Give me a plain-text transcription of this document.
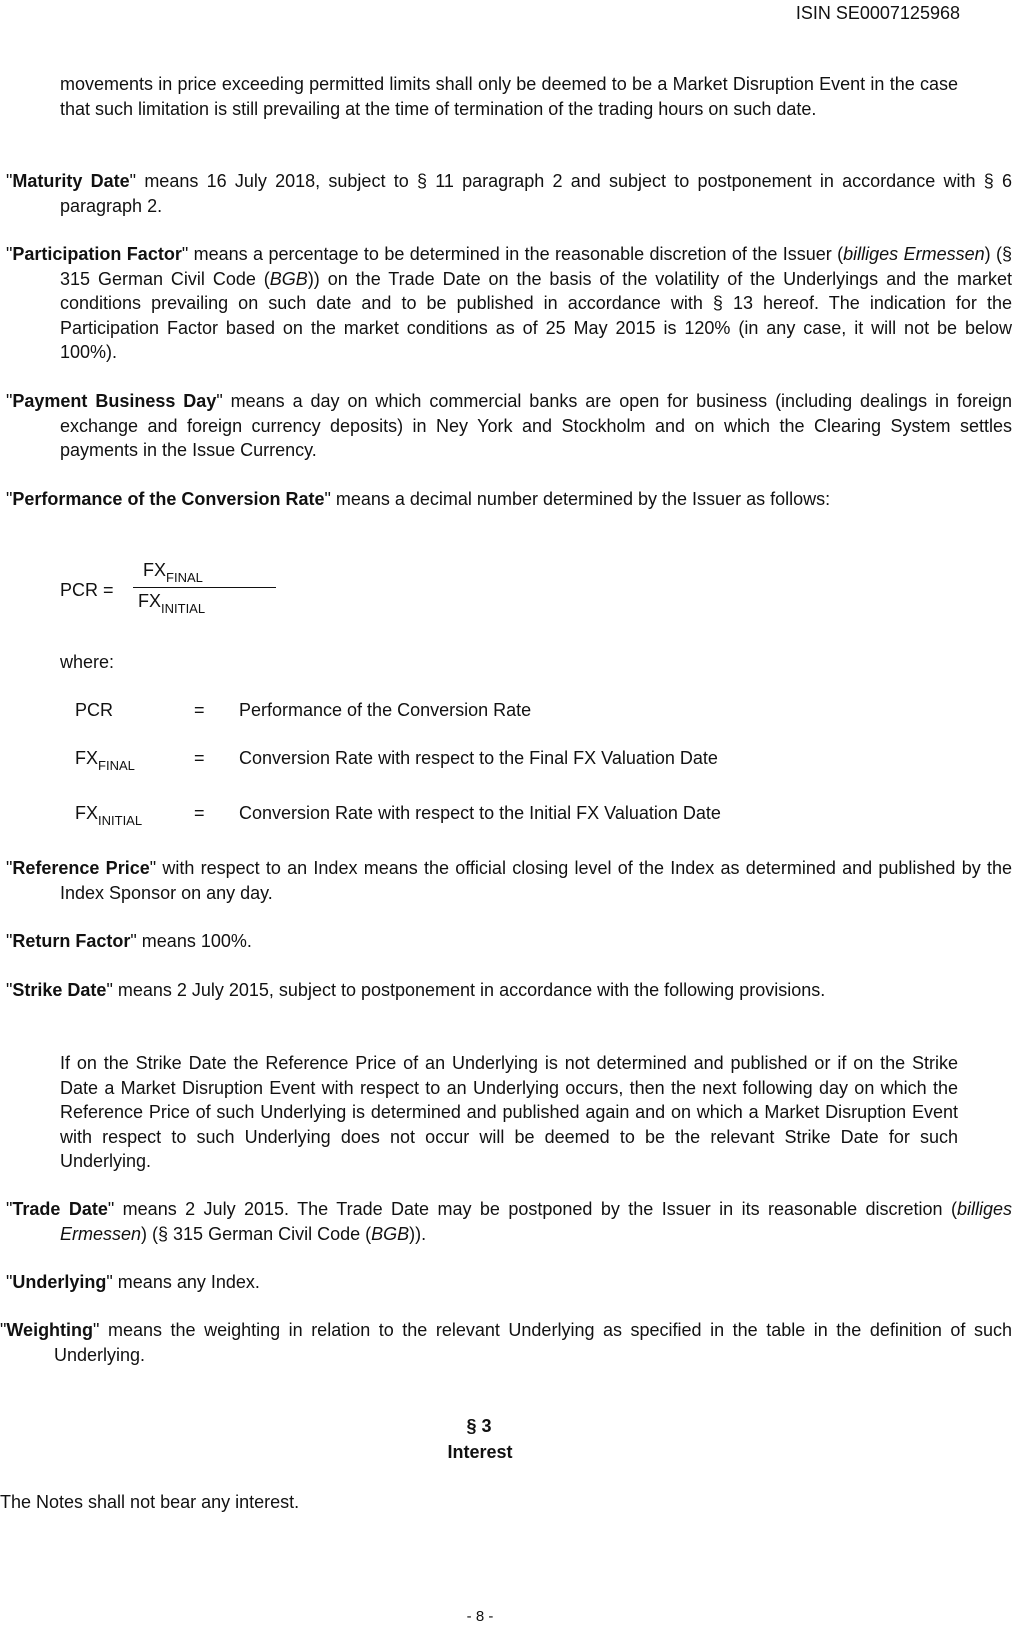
ISIN SE0007125968

movements in price exceeding permitted limits shall only be deemed to be a Market Disruption Event in the case that such limitation is still prevailing at the time of termination of the trading hours on such date.

"Maturity Date" means 16 July 2018, subject to § 11 paragraph 2 and subject to postponement in accordance with § 6 paragraph 2.

"Participation Factor" means a percentage to be determined in the reasonable discretion of the Issuer (billiges Ermessen) (§ 315 German Civil Code (BGB)) on the Trade Date on the basis of the volatility of the Underlyings and the market conditions prevailing on such date and to be published in accordance with § 13 hereof. The indication for the Participation Factor based on the market conditions as of 25 May 2015 is 120% (in any case, it will not be below 100%).

"Payment Business Day" means a day on which commercial banks are open for business (including dealings in foreign exchange and foreign currency deposits) in Ney York and Stockholm and on which the Clearing System settles payments in the Issue Currency.

"Performance of the Conversion Rate" means a decimal number determined by the Issuer as follows:

PCR =
$FX_{FINAL}$
$FX_{INITIAL}$
where:
PCR	= Performance of the Conversion Rate
$FX_{FINAL}$	= Conversion Rate with respect to the Final FX Valuation Date
$FX_{INITIAL}$	= Conversion Rate with respect to the Initial FX Valuation Date

"Reference Price" with respect to an Index means the official closing level of the Index as determined and published by the Index Sponsor on any day.

"Return Factor" means 100%.

"Strike Date" means 2 July 2015, subject to postponement in accordance with the following provisions.

If on the Strike Date the Reference Price of an Underlying is not determined and published or if on the Strike Date a Market Disruption Event with respect to an Underlying occurs, then the next following day on which the Reference Price of such Underlying is determined and published again and on which a Market Disruption Event with respect to such Underlying does not occur will be deemed to be the relevant Strike Date for such Underlying.

"Trade Date" means 2 July 2015. The Trade Date may be postponed by the Issuer in its reasonable discretion (billiges Ermessen) (§ 315 German Civil Code (BGB)).

"Underlying" means any Index.

"Weighting" means the weighting in relation to the relevant Underlying as specified in the table in the definition of such Underlying.

§ 3
Interest
The Notes shall not bear any interest.
- 8 -
